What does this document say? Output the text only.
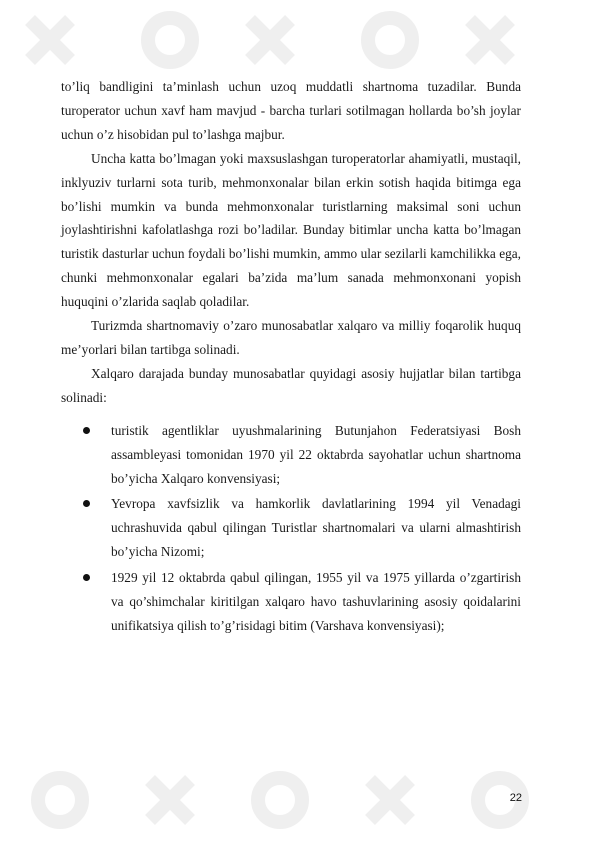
to’liq bandligini ta’minlash uchun uzoq muddatli shartnoma tuzadilar. Bunda turoperator uchun xavf ham mavjud - barcha turlari sotilmagan hollarda bo’sh joylar uchun o’z hisobidan pul to’lashga majbur.

Uncha katta bo’lmagan yoki maxsuslashgan turoperatorlar ahamiyatli, mustaqil, inklyuziv turlarni sota turib, mehmonxonalar bilan erkin sotish haqida bitimga ega bo’lishi mumkin va bunda mehmonxonalar turistlarning maksimal soni uchun joylashtirishni kafolatlashga rozi bo’ladilar. Bunday bitimlar uncha katta bo’lmagan turistik dasturlar uchun foydali bo’lishi mumkin, ammo ular sezilarli kamchilikka ega, chunki mehmonxonalar egalari ba’zida ma’lum sanada mehmonxonani yopish huquqini o’zlarida saqlab qoladilar.

Turizmda shartnomaviy o’zaro munosabatlar xalqaro va milliy foqarolik huquq me’yorlari bilan tartibga solinadi.

Xalqaro darajada bunday munosabatlar quyidagi asosiy hujjatlar bilan tartibga solinadi:

turistik agentliklar uyushmalarining Butunjahon Federatsiyasi Bosh assambleyasi tomonidan 1970 yil 22 oktabrda sayohatlar uchun shartnoma bo’yicha Xalqaro konvensiyasi;
Yevropa xavfsizlik va hamkorlik davlatlarining 1994 yil Venadagi uchrashuvida qabul qilingan Turistlar shartnomalari va ularni almashtirish bo’yicha Nizomi;
1929 yil 12 oktabrda qabul qilingan, 1955 yil va 1975 yillarda o’zgartirish va qo’shimchalar kiritilgan xalqaro havo tashuvlarining asosiy qoidalarini unifikatsiya qilish to’g’risidagi bitim (Varshava konvensiyasi);
22
